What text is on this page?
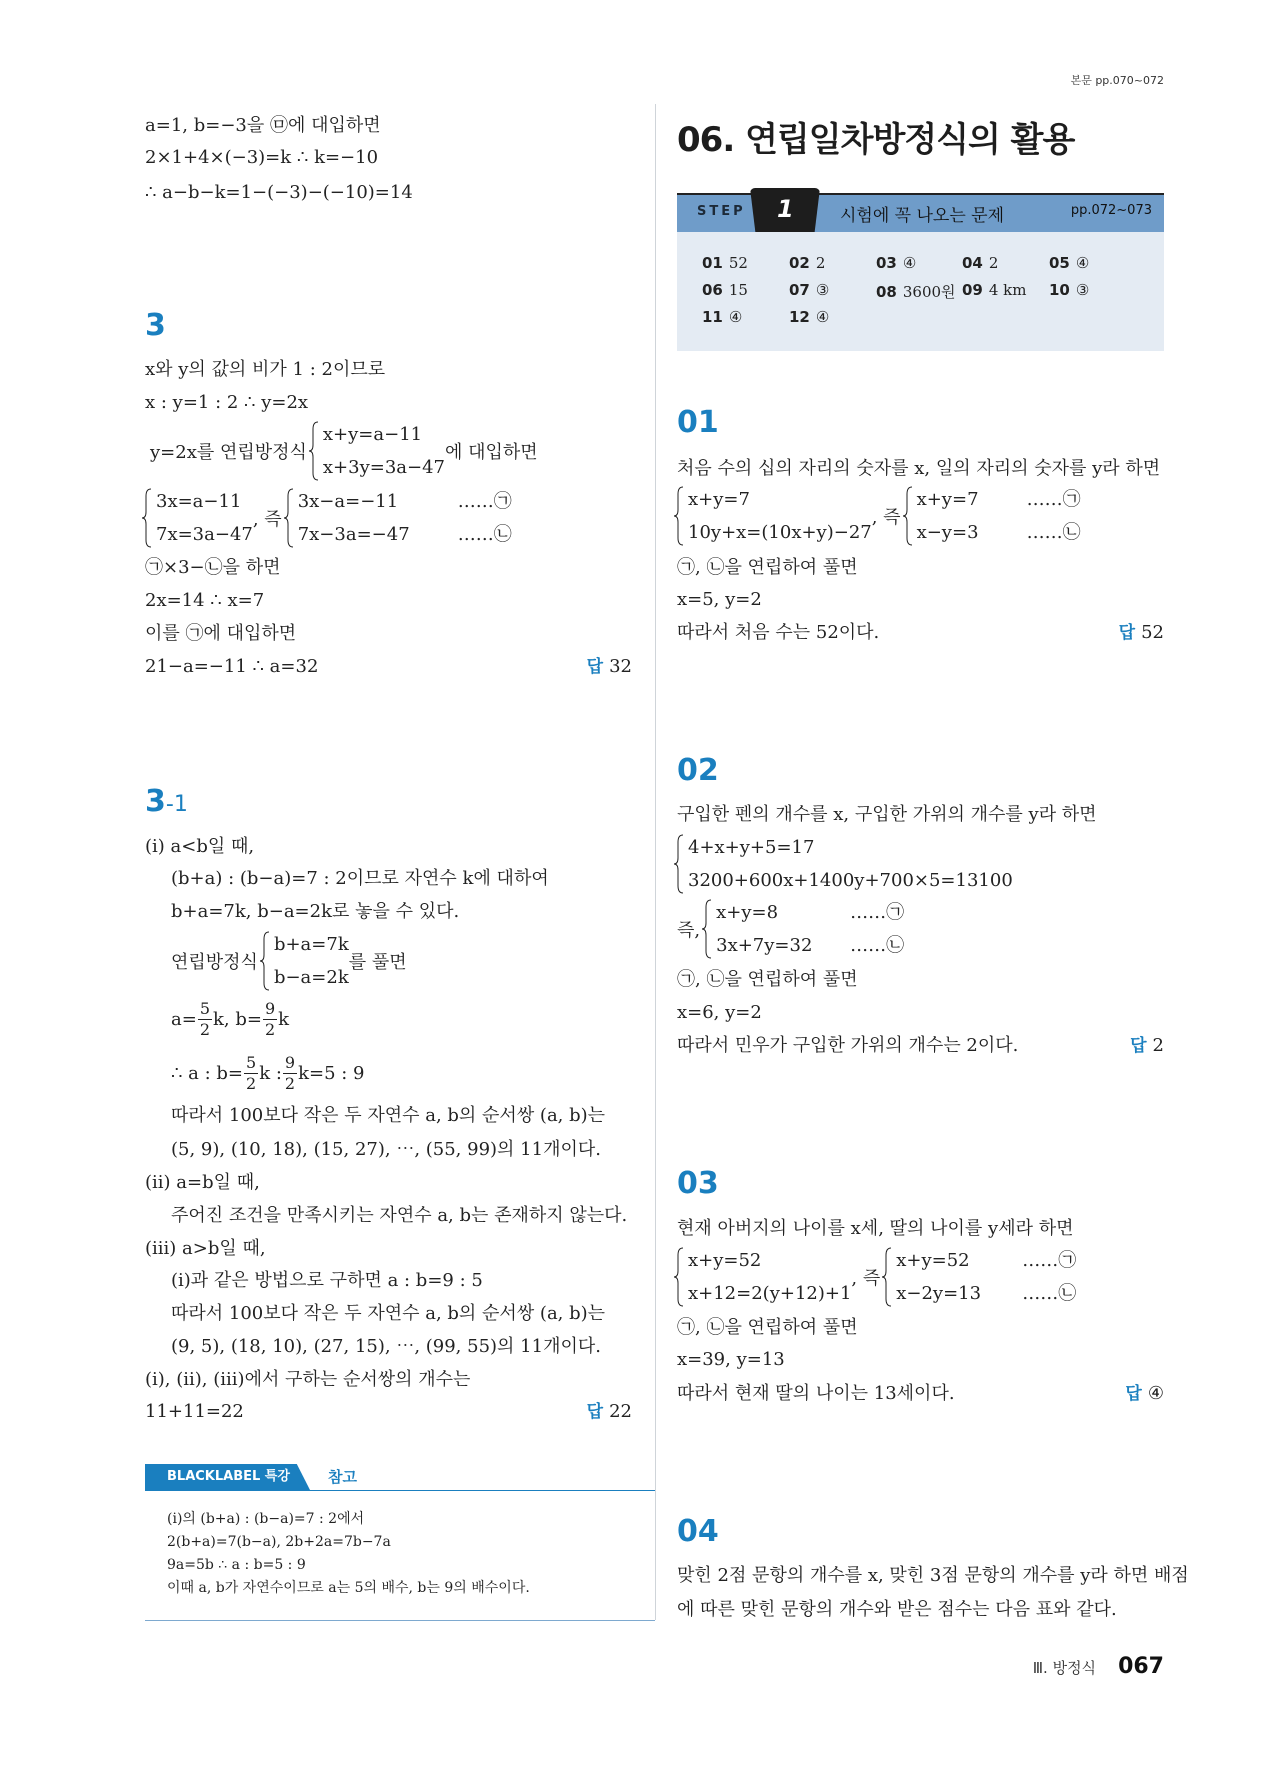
a=1, b=−3을 ㉤에 대입하면
2×1+4×(−3)=k ∴ k=−10
∴ a−b−k=1−(−3)−(−10)=14
3
x와 y의 값의 비가 1 : 2이므로
x : y=1 : 2 ∴ y=2x
y=2x를 연립방정식
x+y=a−11
x+3y=3a−47
에 대입하면
3x=a−11
7x=3a−47
, 즉
3x−a=−11
7x−3a=−47
……㉠
……㉡
㉠×3−㉡을 하면
2x=14 ∴ x=7
이를 ㉠에 대입하면
21−a=−11 ∴ a=32	답 32
3-1
(ⅰ) a<b일 때,
(b+a) : (b−a)=7 : 2이므로 자연수 k에 대하여
b+a=7k, b−a=2k로 놓을 수 있다.
연립방정식
b+a=7k
b−a=2k
를 풀면
$a= \frac{5}{2} k$, $b= \frac{9}{2}$ k
∴ a : $b= \frac{5}{2}$ k : $\frac{9}{2} k=5$ : 9
따라서 100보다 작은 두 자연수 a, b의 순서쌍 (a, b)는
(5, 9), (10, 18), (15, 27), ⋯, (55, 99)의 11개이다.
(ⅱ) a=b일 때,
주어진 조건을 만족시키는 자연수 a, b는 존재하지 않는다.
(ⅲ) a>b일 때,
(ⅰ)과 같은 방법으로 구하면 a : b=9 : 5
따라서 100보다 작은 두 자연수 a, b의 순서쌍 (a, b)는
(9, 5), (18, 10), (27, 15), ⋯, (99, 55)의 11개이다.
(ⅰ), (ⅱ), (ⅲ)에서 구하는 순서쌍의 개수는
11+11=22	답 22
BLACKLABEL 특강	참고
(ⅰ)의 (b+a) : (b−a)=7 : 2에서
2(b+a)=7(b−a), 2b+2a=7b−7a
9a=5b ∴ a : b=5 : 9
이때 a, b가 자연수이므로 a는 5의 배수, b는 9의 배수이다.
본문 pp.070~072
06. 연립일차방정식의 활용
STEP 1	시험에 꼭 나오는 문제	pp.072~073
01 52	02 2	03 ④	04 2	05 ④
06 15	07 ③	08 3600원 09 4 km	10 ③
11 ④	12 ④
01
처음 수의 십의 자리의 숫자를 x, 일의 자리의 숫자를 y라 하면
x+y=7
10y+x=(10x+y)−27
, 즉
x+y=7
x−y=3
……㉠
……㉡
㉠, ㉡을 연립하여 풀면
x=5, y=2
따라서 처음 수는 52이다.	답 52
02
구입한 펜의 개수를 x, 구입한 가위의 개수를 y라 하면
4+x+y+5=17
3200+600x+1400y+700×5=13100
즉,
x+y=8
3x+7y=32
……㉠
……㉡
㉠, ㉡을 연립하여 풀면
x=6, y=2
따라서 민우가 구입한 가위의 개수는 2이다.	답 2
03
현재 아버지의 나이를 x세, 딸의 나이를 y세라 하면
x+y=52
x+12=2(y+12)+1
, 즉
x+y=52
x−2y=13
……㉠
……㉡
㉠, ㉡을 연립하여 풀면
x=39, y=13
따라서 현재 딸의 나이는 13세이다.	답 ④
04
맞힌 2점 문항의 개수를 x, 맞힌 3점 문항의 개수를 y라 하면 배점
에 따른 맞힌 문항의 개수와 받은 점수는 다음 표와 같다.
Ⅲ. 방정식 067
